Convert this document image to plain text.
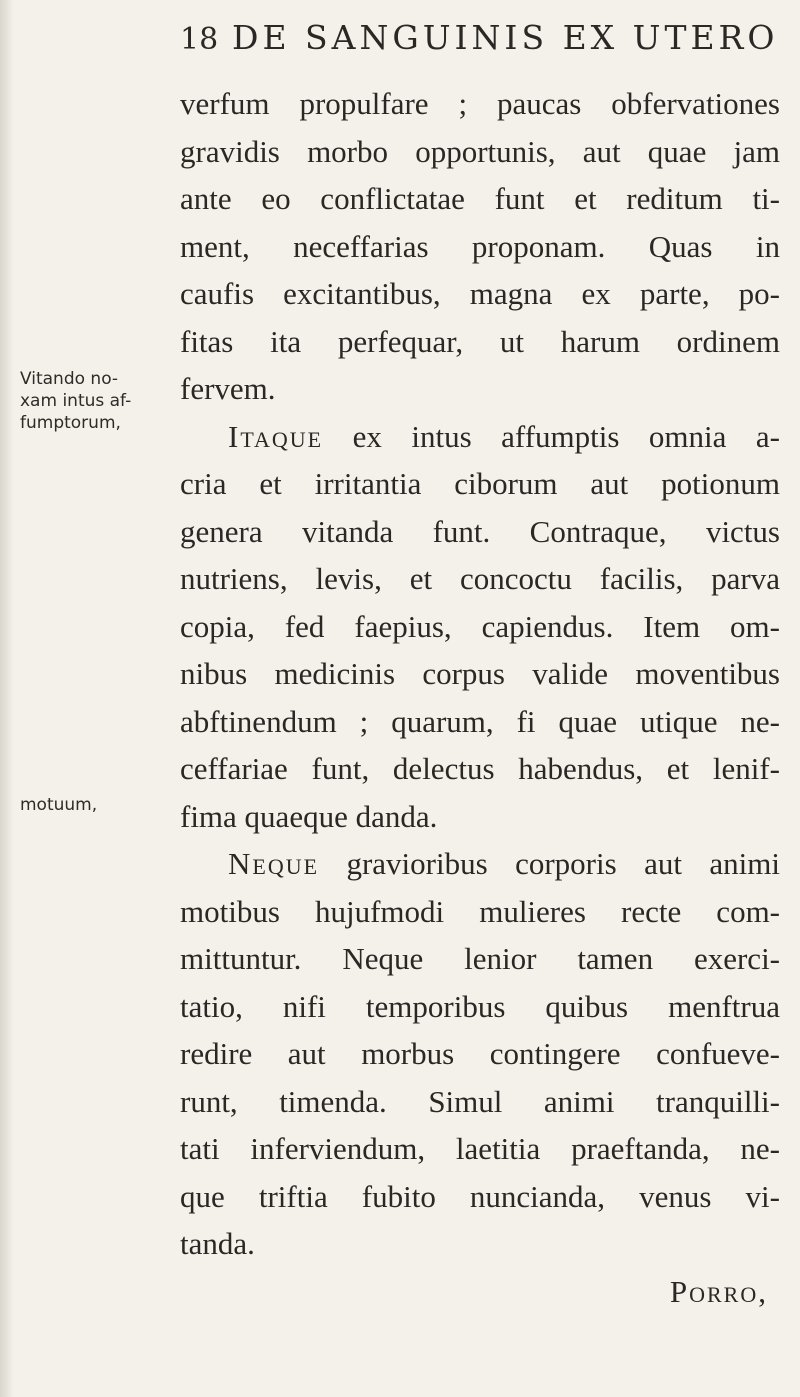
18 DE SANGUINIS EX UTERO
Vitando no-
xam intus af-
fumptorum,
motuum,
verfum propulfare ; paucas obfervationes
gravidis morbo opportunis, aut quae jam
ante eo conflictatae funt et reditum ti-
ment, neceffarias proponam. Quas in
caufis excitantibus, magna ex parte, po-
fitas ita perfequar, ut harum ordinem
fervem.
Itaque ex intus affumptis omnia a-
cria et irritantia ciborum aut potionum
genera vitanda funt. Contraque, victus
nutriens, levis, et concoctu facilis, parva
copia, fed faepius, capiendus. Item om-
nibus medicinis corpus valide moventibus
abftinendum ; quarum, fi quae utique ne-
ceffariae funt, delectus habendus, et lenif-
fima quaeque danda.
Neque gravioribus corporis aut animi
motibus hujufmodi mulieres recte com-
mittuntur. Neque lenior tamen exerci-
tatio, nifi temporibus quibus menftrua
redire aut morbus contingere confueve-
runt, timenda. Simul animi tranquilli-
tati inferviendum, laetitia praeftanda, ne-
que triftia fubito nuncianda, venus vi-
tanda.
Porro,
